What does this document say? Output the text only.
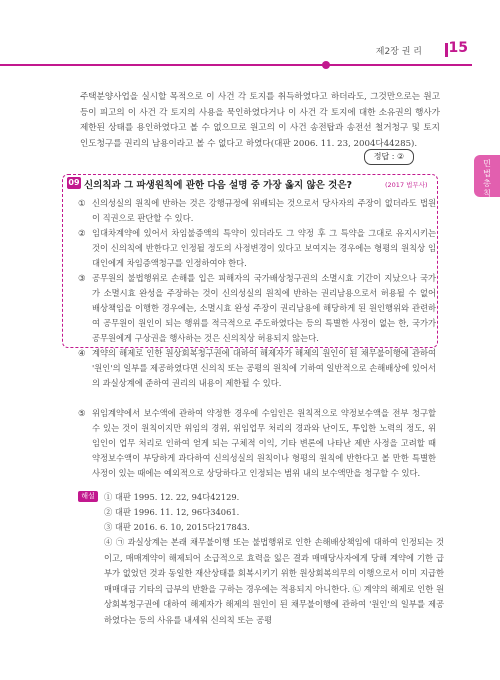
제2장 권 리 15
민법총칙

주택분양사업을 실시할 목적으로 이 사건 각 토지를 취득하였다고 하더라도, 그것만으로는 원고 등이 피고의 이 사건 각 토지의 사용을 묵인하였다거나 이 사건 각 토지에 대한 소유권의 행사가 제한된 상태를 용인하였다고 볼 수 없으므로 원고의 이 사건 송전탑과 송전선 철거청구 및 토지 인도청구를 권리의 남용이라고 볼 수 없다고 하였다(대판 2006. 11. 23, 2004다44285).

정답 : ②
09 신의칙과 그 파생원칙에 관한 다음 설명 중 가장 옳지 않은 것은?	(2017 법무사)

① 신의성실의 원칙에 반하는 것은 강행규정에 위배되는 것으로서 당사자의 주장이 없더라도 법원이 직권으로 판단할 수 있다.

② 임대차계약에 있어서 차임불증액의 특약이 있더라도 그 약정 후 그 특약을 그대로 유지시키는 것이 신의칙에 반한다고 인정될 정도의 사정변경이 있다고 보여지는 경우에는 형평의 원칙상 임대인에게 차임증액청구를 인정하여야 한다.

③ 공무원의 불법행위로 손해를 입은 피해자의 국가배상청구권의 소멸시효 기간이 지났으나 국가가 소멸시효 완성을 주장하는 것이 신의성실의 원칙에 반하는 권리남용으로서 허용될 수 없어 배상책임을 이행한 경우에는, 소멸시효 완성 주장이 권리남용에 해당하게 된 원인행위와 관련하여 공무원이 원인이 되는 행위를 적극적으로 주도하였다는 등의 특별한 사정이 없는 한, 국가가 공무원에게 구상권을 행사하는 것은 신의칙상 허용되지 않는다.

④ 계약의 해제로 인한 원상회복청구권에 대하여 해제자가 해제의 원인이 된 채무불이행에 관하여 '원인'의 일부를 제공하였다면 신의칙 또는 공평의 원칙에 기하여 일반적으로 손해배상에 있어서의 과실상계에 준하여 권리의 내용이 제한될 수 있다.

⑤ 위임계약에서 보수액에 관하여 약정한 경우에 수임인은 원칙적으로 약정보수액을 전부 청구할 수 있는 것이 원칙이지만 위임의 경위, 위임업무 처리의 경과와 난이도, 투입한 노력의 정도, 위임인이 업무 처리로 인하여 얻게 되는 구체적 이익, 기타 변론에 나타난 제반 사정을 고려할 때 약정보수액이 부당하게 과다하여 신의성실의 원칙이나 형평의 원칙에 반한다고 볼 만한 특별한 사정이 있는 때에는 예외적으로 상당하다고 인정되는 범위 내의 보수액만을 청구할 수 있다.

해설	① 대판 1995. 12. 22, 94다42129.

② 대판 1996. 11. 12, 96다34061.

③ 대판 2016. 6. 10, 2015다217843.

④ ㉠ 과실상계는 본래 채무불이행 또는 불법행위로 인한 손해배상책임에 대하여 인정되는 것이고, 매매계약이 해제되어 소급적으로 효력을 잃은 결과 매매당사자에게 당해 계약에 기한 급부가 없었던 것과 동일한 재산상태를 회복시키기 위한 원상회복의무의 이행으로서 이미 지급한 매매대금 기타의 급부의 반환을 구하는 경우에는 적용되지 아니한다. ㉡ 계약의 해제로 인한 원상회복청구권에 대하여 해제자가 해제의 원인이 된 채무불이행에 관하여 '원인'의 일부를 제공하였다는 등의 사유를 내세워 신의칙 또는 공평
